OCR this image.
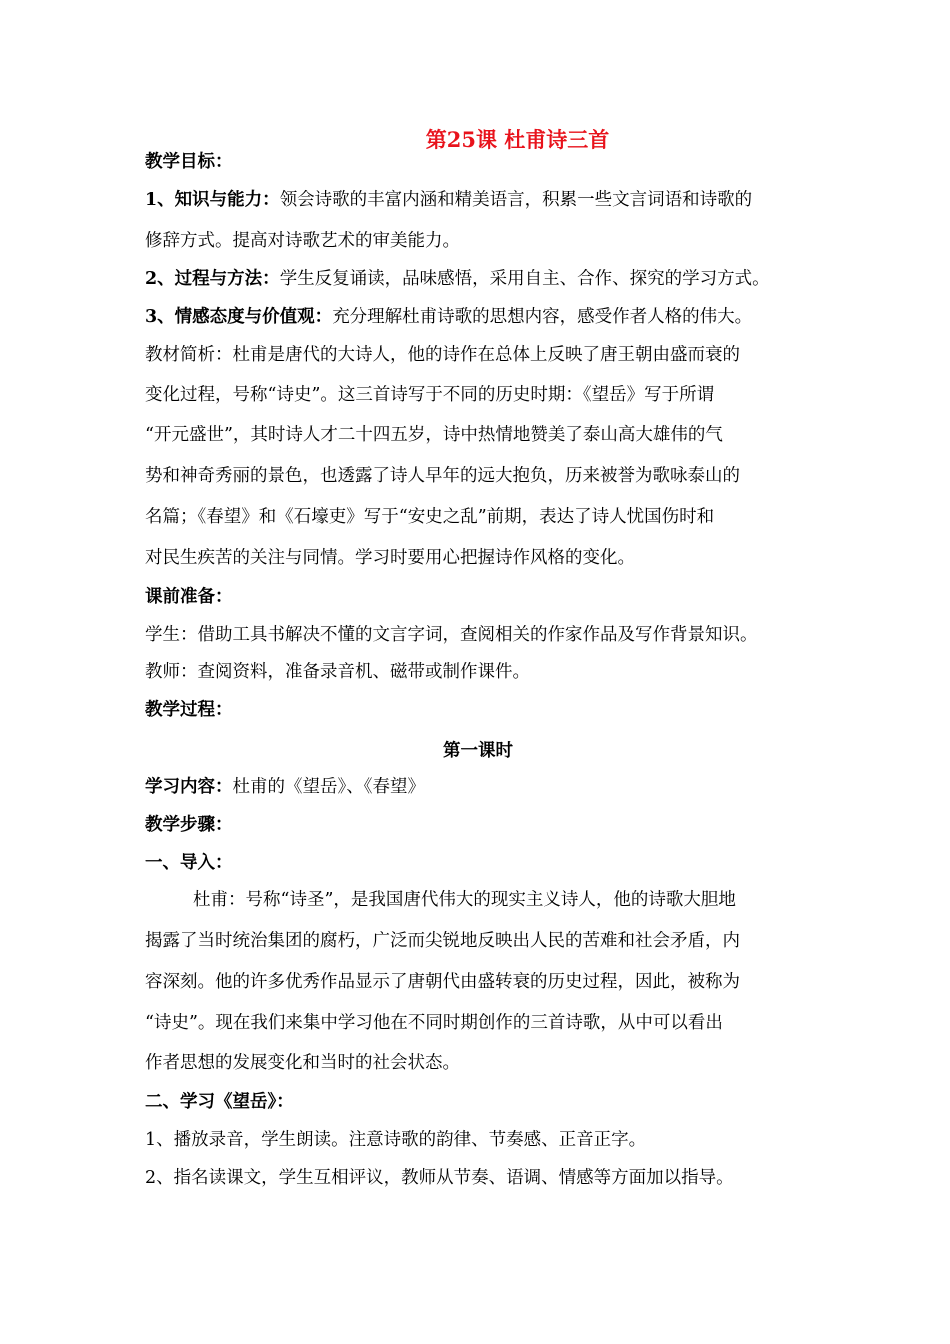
第25课 杜甫诗三首
教学目标：
1、知识与能力：领会诗歌的丰富内涵和精美语言，积累一些文言词语和诗歌的
修辞方式。提高对诗歌艺术的审美能力。
2、过程与方法：学生反复诵读，品味感悟，采用自主、合作、探究的学习方式。
3、情感态度与价值观：充分理解杜甫诗歌的思想内容，感受作者人格的伟大。
教材简析：杜甫是唐代的大诗人，他的诗作在总体上反映了唐王朝由盛而衰的
变化过程，号称“诗史”。这三首诗写于不同的历史时期：《望岳》写于所谓
“开元盛世”，其时诗人才二十四五岁，诗中热情地赞美了泰山高大雄伟的气
势和神奇秀丽的景色，也透露了诗人早年的远大抱负，历来被誉为歌咏泰山的
名篇；《春望》和《石壕吏》写于“安史之乱”前期，表达了诗人忧国伤时和
对民生疾苦的关注与同情。学习时要用心把握诗作风格的变化。
课前准备：
学生：借助工具书解决不懂的文言字词，查阅相关的作家作品及写作背景知识。
教师：查阅资料，准备录音机、磁带或制作课件。
教学过程：
第一课时
学习内容：杜甫的《望岳》、《春望》
教学步骤：
一、导入：
杜甫：号称“诗圣”，是我国唐代伟大的现实主义诗人，他的诗歌大胆地
揭露了当时统治集团的腐朽，广泛而尖锐地反映出人民的苦难和社会矛盾，内
容深刻。他的许多优秀作品显示了唐朝代由盛转衰的历史过程，因此，被称为
“诗史”。现在我们来集中学习他在不同时期创作的三首诗歌，从中可以看出
作者思想的发展变化和当时的社会状态。
二、学习《望岳》：
1、播放录音，学生朗读。注意诗歌的韵律、节奏感、正音正字。
2、指名读课文，学生互相评议，教师从节奏、语调、情感等方面加以指导。
